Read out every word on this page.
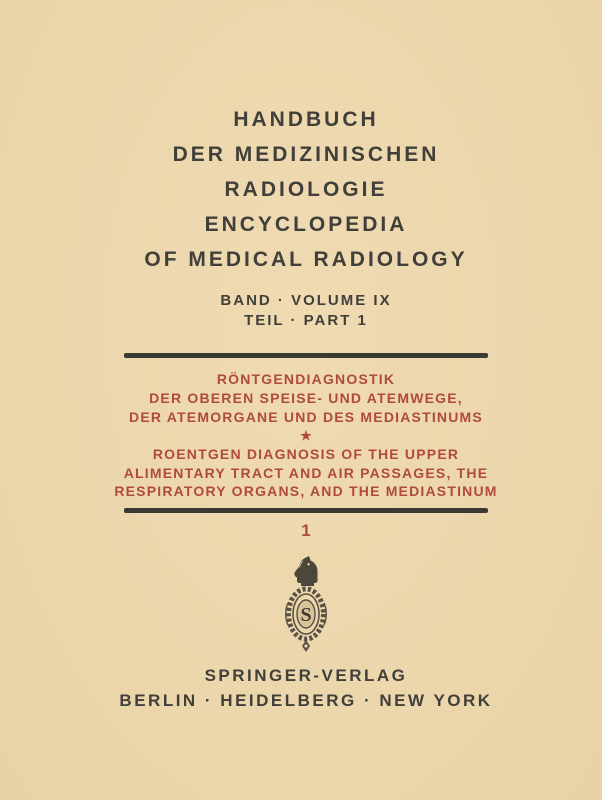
HANDBUCH
DER MEDIZINISCHEN
RADIOLOGIE
ENCYCLOPEDIA
OF MEDICAL RADIOLOGY
BAND · VOLUME IX
TEIL · PART 1
RÖNTGENDIAGNOSTIK
DER OBEREN SPEISE- UND ATEMWEGE,
DER ATEMORGANE UND DES MEDIASTINUMS
★
ROENTGEN DIAGNOSIS OF THE UPPER
ALIMENTARY TRACT AND AIR PASSAGES, THE
RESPIRATORY ORGANS, AND THE MEDIASTINUM
1
S
SPRINGER-VERLAG
BERLIN · HEIDELBERG · NEW YORK
